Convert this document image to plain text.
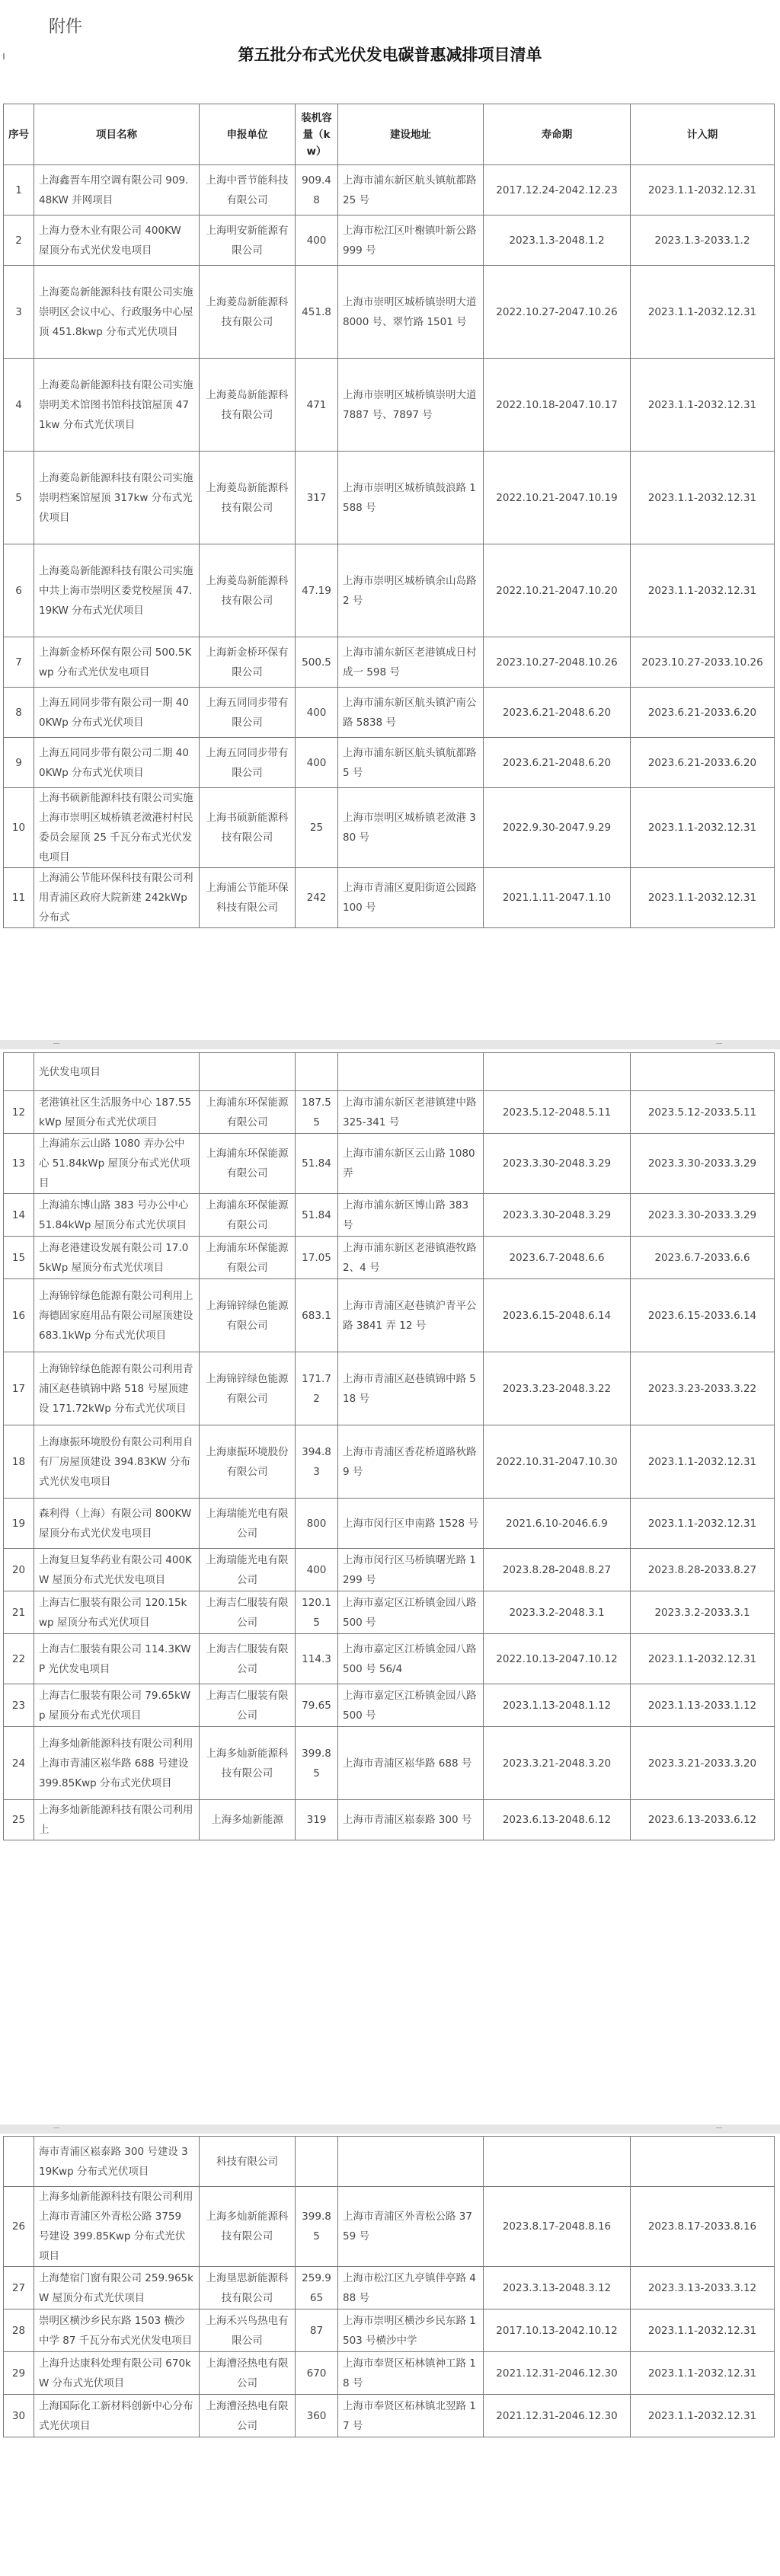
附件
第五批分布式光伏发电碳普惠减排项目清单
序号	项目名称	申报单位	装机容量（kw）	建设地址	寿命期	计入期
1	上海鑫晋车用空调有限公司 909.48KW 并网项目	上海中晋节能科技有限公司	909.48	上海市浦东新区航头镇航都路 25 号	2017.12.24-2042.12.23	2023.1.1-2032.12.31
2	上海力登木业有限公司 400KW 屋顶分布式光伏发电项目	上海明安新能源有限公司	400	上海市松江区叶榭镇叶新公路 999 号	2023.1.3-2048.1.2	2023.1.3-2033.1.2
3	上海菱岛新能源科技有限公司实施崇明区会议中心、行政服务中心屋顶 451.8kwp 分布式光伏项目	上海菱岛新能源科技有限公司	451.8	上海市崇明区城桥镇崇明大道 8000 号、翠竹路 1501 号	2022.10.27-2047.10.26	2023.1.1-2032.12.31
4	上海菱岛新能源科技有限公司实施崇明美术馆图书馆科技馆屋顶 471kw 分布式光伏项目	上海菱岛新能源科技有限公司	471	上海市崇明区城桥镇崇明大道 7887 号、7897 号	2022.10.18-2047.10.17	2023.1.1-2032.12.31
5	上海菱岛新能源科技有限公司实施崇明档案馆屋顶 317kw 分布式光伏项目	上海菱岛新能源科技有限公司	317	上海市崇明区城桥镇鼓浪路 1588 号	2022.10.21-2047.10.19	2023.1.1-2032.12.31
6	上海菱岛新能源科技有限公司实施中共上海市崇明区委党校屋顶 47.19KW 分布式光伏项目	上海菱岛新能源科技有限公司	47.19	上海市崇明区城桥镇余山岛路 2 号	2022.10.21-2047.10.20	2023.1.1-2032.12.31
7	上海新金桥环保有限公司 500.5Kwp 分布式光伏发电项目	上海新金桥环保有限公司	500.5	上海市浦东新区老港镇成日村成一 598 号	2023.10.27-2048.10.26	2023.10.27-2033.10.26
8	上海五同同步带有限公司一期 400KWp 分布式光伏项目	上海五同同步带有限公司	400	上海市浦东新区航头镇沪南公路 5838 号	2023.6.21-2048.6.20	2023.6.21-2033.6.20
9	上海五同同步带有限公司二期 400KWp 分布式光伏项目	上海五同同步带有限公司	400	上海市浦东新区航头镇航都路 5 号	2023.6.21-2048.6.20	2023.6.21-2033.6.20
10	上海书硕新能源科技有限公司实施上海市崇明区城桥镇老滧港村村民委员会屋顶 25 千瓦分布式光伏发电项目	上海书硕新能源科技有限公司	25	上海市崇明区城桥镇老滧港 380 号	2022.9.30-2047.9.29	2023.1.1-2032.12.31
11	上海浦公节能环保科技有限公司利用青浦区政府大院新建 242kWp 分布式	上海浦公节能环保科技有限公司	242	上海市青浦区夏阳街道公园路 100 号	2021.1.11-2047.1.10	2023.1.1-2032.12.31
	光伏发电项目					
12	老港镇社区生活服务中心 187.55kWp 屋顶分布式光伏项目	上海浦东环保能源有限公司	187.55	上海市浦东新区老港镇建中路 325-341 号	2023.5.12-2048.5.11	2023.5.12-2033.5.11
13	上海浦东云山路 1080 弄办公中心 51.84kWp 屋顶分布式光伏项目	上海浦东环保能源有限公司	51.84	上海市浦东新区云山路 1080 弄	2023.3.30-2048.3.29	2023.3.30-2033.3.29
14	上海浦东博山路 383 号办公中心 51.84kWp 屋顶分布式光伏项目	上海浦东环保能源有限公司	51.84	上海市浦东新区博山路 383 号	2023.3.30-2048.3.29	2023.3.30-2033.3.29
15	上海老港建设发展有限公司 17.05kWp 屋顶分布式光伏项目	上海浦东环保能源有限公司	17.05	上海市浦东新区老港镇港牧路 2、4 号	2023.6.7-2048.6.6	2023.6.7-2033.6.6
16	上海锦锌绿色能源有限公司利用上海德固家庭用品有限公司屋顶建设 683.1kWp 分布式光伏项目	上海锦锌绿色能源有限公司	683.1	上海市青浦区赵巷镇沪青平公路 3841 弄 12 号	2023.6.15-2048.6.14	2023.6.15-2033.6.14
17	上海锦锌绿色能源有限公司利用青浦区赵巷镇锦中路 518 号屋顶建设 171.72kWp 分布式光伏项目	上海锦锌绿色能源有限公司	171.72	上海市青浦区赵巷镇锦中路 518 号	2023.3.23-2048.3.22	2023.3.23-2033.3.22
18	上海康振环境股份有限公司利用自有厂房屋顶建设 394.83KW 分布式光伏发电项目	上海康振环境股份有限公司	394.83	上海市青浦区香花桥道路秋路 9 号	2022.10.31-2047.10.30	2023.1.1-2032.12.31
19	森利得（上海）有限公司 800KW 屋顶分布式光伏发电项目	上海瑞能光电有限公司	800	上海市闵行区申南路 1528 号	2021.6.10-2046.6.9	2023.1.1-2032.12.31
20	上海复旦复华药业有限公司 400KW 屋顶分布式光伏发电项目	上海瑞能光电有限公司	400	上海市闵行区马桥镇曙光路 1299 号	2023.8.28-2048.8.27	2023.8.28-2033.8.27
21	上海吉仁服装有限公司 120.15kwp 屋顶分布式光伏项目	上海吉仁服装有限公司	120.15	上海市嘉定区江桥镇金园八路 500 号	2023.3.2-2048.3.1	2023.3.2-2033.3.1
22	上海吉仁服装有限公司 114.3KWP 光伏发电项目	上海吉仁服装有限公司	114.3	上海市嘉定区江桥镇金园八路 500 号 56/4	2022.10.13-2047.10.12	2023.1.1-2032.12.31
23	上海吉仁服装有限公司 79.65kWp 屋顶分布式光伏项目	上海吉仁服装有限公司	79.65	上海市嘉定区江桥镇金园八路 500 号	2023.1.13-2048.1.12	2023.1.13-2033.1.12
24	上海多灿新能源科技有限公司利用上海市青浦区崧华路 688 号建设 399.85Kwp 分布式光伏项目	上海多灿新能源科技有限公司	399.85	上海市青浦区崧华路 688 号	2023.3.21-2048.3.20	2023.3.21-2033.3.20
25	上海多灿新能源科技有限公司利用上	上海多灿新能源	319	上海市青浦区崧泰路 300 号	2023.6.13-2048.6.12	2023.6.13-2033.6.12
	海市青浦区崧泰路 300 号建设 319Kwp 分布式光伏项目	科技有限公司				
26	上海多灿新能源科技有限公司利用上海市青浦区外青松公路 3759 号建设 399.85Kwp 分布式光伏项目	上海多灿新能源科技有限公司	399.85	上海市青浦区外青松公路 3759 号	2023.8.17-2048.8.16	2023.8.17-2033.8.16
27	上海楚宿门窗有限公司 259.965kW 屋顶分布式光伏项目	上海垦思新能源科技有限公司	259.965	上海市松江区九亭镇伴亭路 488 号	2023.3.13-2048.3.12	2023.3.13-2033.3.12
28	崇明区横沙乡民东路 1503 横沙中学 87 千瓦分布式光伏发电项目	上海禾兴鸟热电有限公司	87	上海市崇明区横沙乡民东路 1503 号横沙中学	2017.10.13-2042.10.12	2023.1.1-2032.12.31
29	上海升达康科处理有限公司 670kW 分布式光伏项目	上海漕泾热电有限公司	670	上海市奉贤区柘林镇神工路 18 号	2021.12.31-2046.12.30	2023.1.1-2032.12.31
30	上海国际化工新材料创新中心分布式光伏项目	上海漕泾热电有限公司	360	上海市奉贤区柘林镇北翌路 17 号	2021.12.31-2046.12.30	2023.1.1-2032.12.31
